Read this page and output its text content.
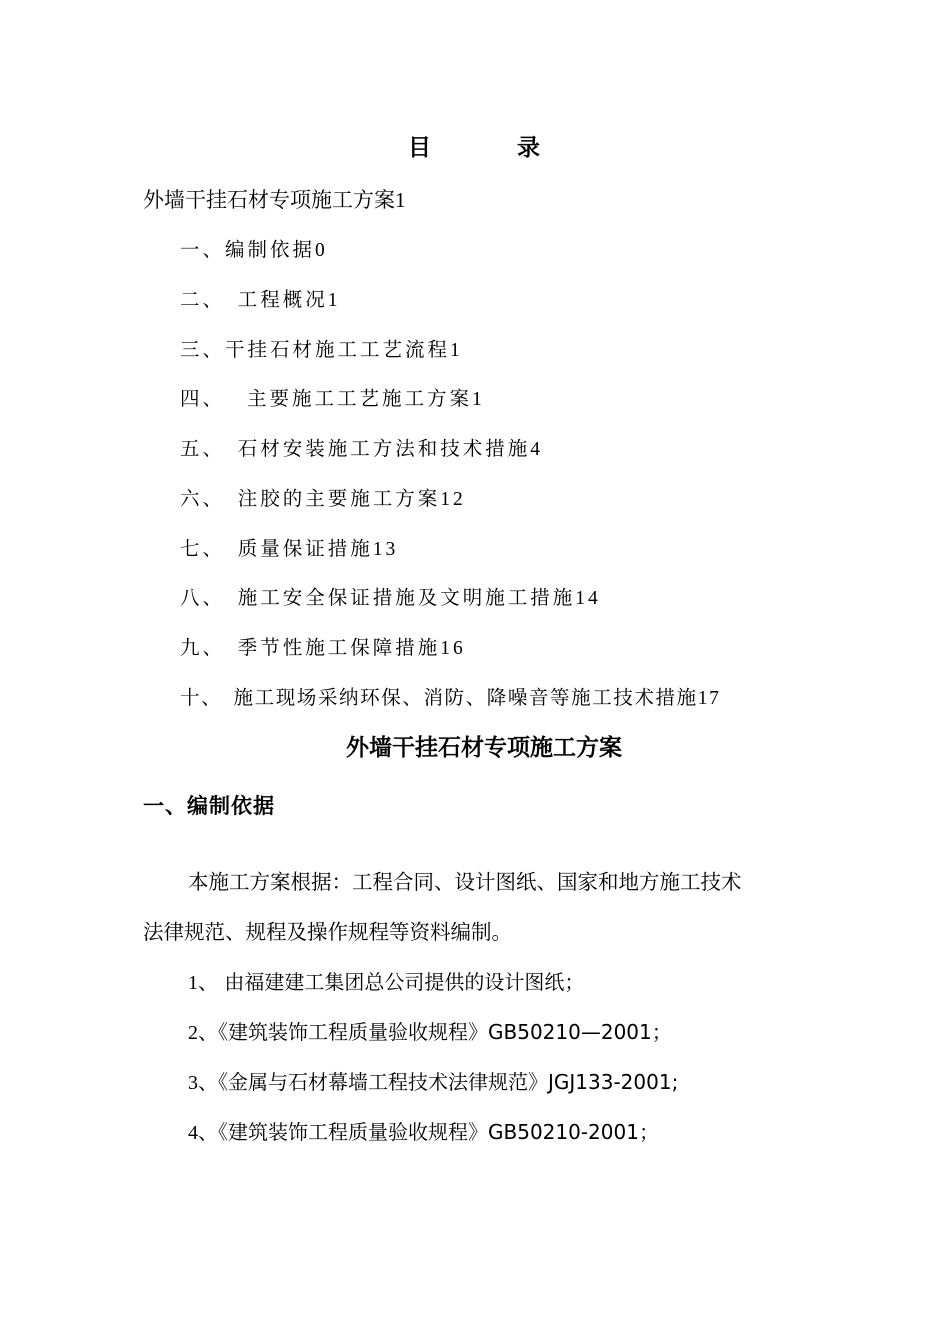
目	录
外墙干挂石材专项施工方案1
一、编制依据0
二、　工程概况1
三、干挂石材施工工艺流程1
四、　 主要施工工艺施工方案1
五、　石材安装施工方法和技术措施4
六、　注胶的主要施工方案12
七、　质量保证措施13
八、　施工安全保证措施及文明施工措施14
九、　季节性施工保障措施16
十、　施工现场采纳环保、消防、降噪音等施工技术措施17
外墙干挂石材专项施工方案
一、编制依据
本施工方案根据：工程合同、设计图纸、国家和地方施工技术
法律规范、规程及操作规程等资料编制。
1、 由福建建工集团总公司提供的设计图纸；
2、《建筑装饰工程质量验收规程》GB50210—2001；
3、《金属与石材幕墙工程技术法律规范》JGJ133-2001;
4、《建筑装饰工程质量验收规程》GB50210-2001；
